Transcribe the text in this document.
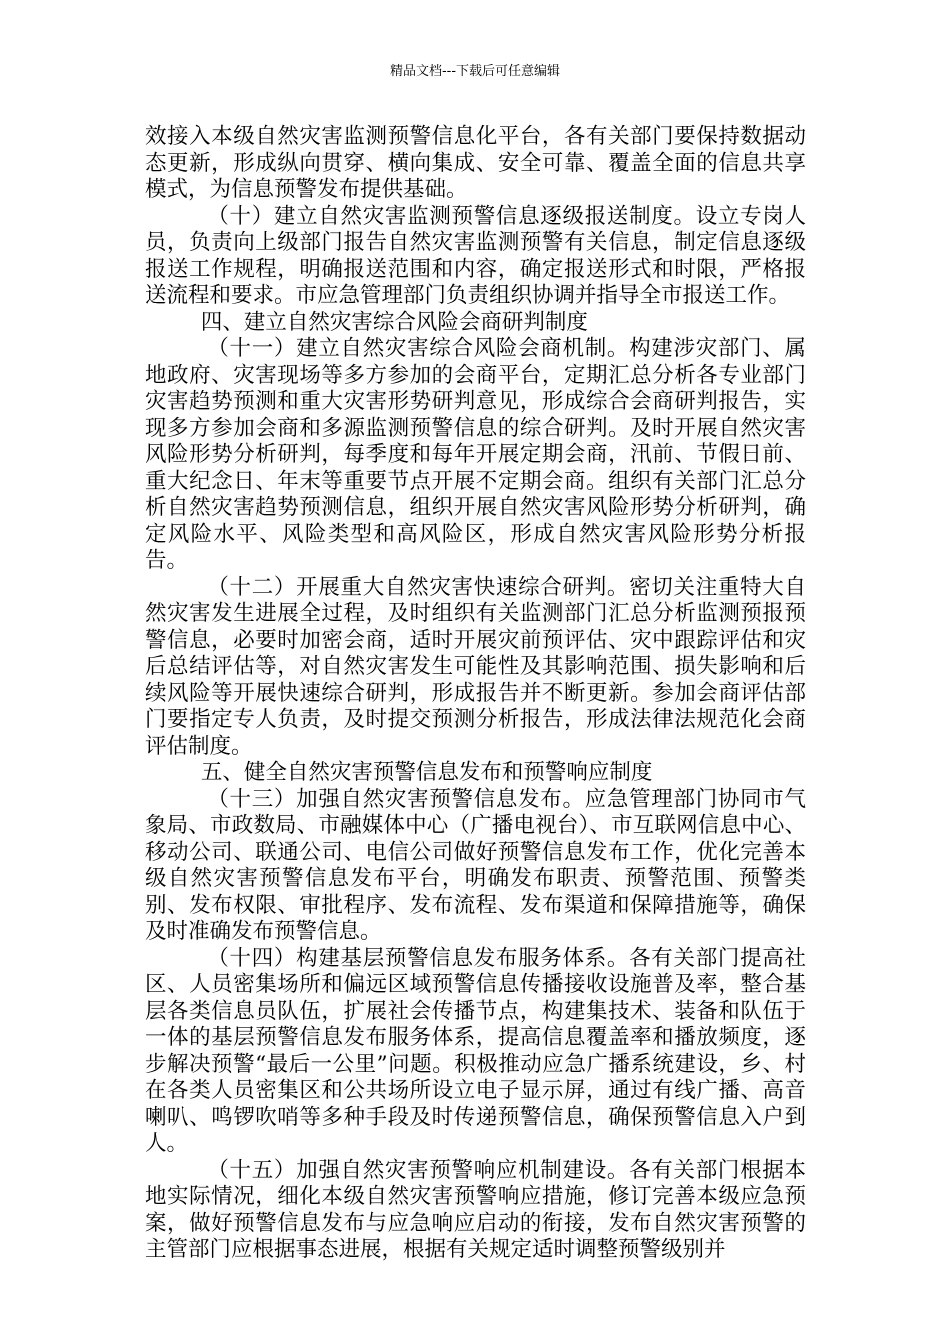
精品文档---下载后可任意编辑

效接入本级自然灾害监测预警信息化平台，各有关部门要保持数据动态更新，形成纵向贯穿、横向集成、安全可靠、覆盖全面的信息共享模式，为信息预警发布提供基础。

（十）建立自然灾害监测预警信息逐级报送制度。设立专岗人员，负责向上级部门报告自然灾害监测预警有关信息，制定信息逐级报送工作规程，明确报送范围和内容，确定报送形式和时限，严格报送流程和要求。市应急管理部门负责组织协调并指导全市报送工作。

四、建立自然灾害综合风险会商研判制度

（十一）建立自然灾害综合风险会商机制。构建涉灾部门、属地政府、灾害现场等多方参加的会商平台，定期汇总分析各专业部门灾害趋势预测和重大灾害形势研判意见，形成综合会商研判报告，实现多方参加会商和多源监测预警信息的综合研判。及时开展自然灾害风险形势分析研判，每季度和每年开展定期会商，汛前、节假日前、重大纪念日、年末等重要节点开展不定期会商。组织有关部门汇总分析自然灾害趋势预测信息，组织开展自然灾害风险形势分析研判，确定风险水平、风险类型和高风险区，形成自然灾害风险形势分析报告。

（十二）开展重大自然灾害快速综合研判。密切关注重特大自然灾害发生进展全过程，及时组织有关监测部门汇总分析监测预报预警信息，必要时加密会商，适时开展灾前预评估、灾中跟踪评估和灾后总结评估等，对自然灾害发生可能性及其影响范围、损失影响和后续风险等开展快速综合研判，形成报告并不断更新。参加会商评估部门要指定专人负责，及时提交预测分析报告，形成法律法规范化会商评估制度。

五、健全自然灾害预警信息发布和预警响应制度

（十三）加强自然灾害预警信息发布。应急管理部门协同市气象局、市政数局、市融媒体中心（广播电视台）、市互联网信息中心、移动公司、联通公司、电信公司做好预警信息发布工作，优化完善本级自然灾害预警信息发布平台，明确发布职责、预警范围、预警类别、发布权限、审批程序、发布流程、发布渠道和保障措施等，确保及时准确发布预警信息。

（十四）构建基层预警信息发布服务体系。各有关部门提高社区、人员密集场所和偏远区域预警信息传播接收设施普及率，整合基层各类信息员队伍，扩展社会传播节点，构建集技术、装备和队伍于一体的基层预警信息发布服务体系，提高信息覆盖率和播放频度，逐步解决预警“最后一公里”问题。积极推动应急广播系统建设，乡、村在各类人员密集区和公共场所设立电子显示屏，通过有线广播、高音喇叭、鸣锣吹哨等多种手段及时传递预警信息，确保预警信息入户到人。

（十五）加强自然灾害预警响应机制建设。各有关部门根据本地实际情况，细化本级自然灾害预警响应措施，修订完善本级应急预案，做好预警信息发布与应急响应启动的衔接，发布自然灾害预警的主管部门应根据事态进展，根据有关规定适时调整预警级别并
